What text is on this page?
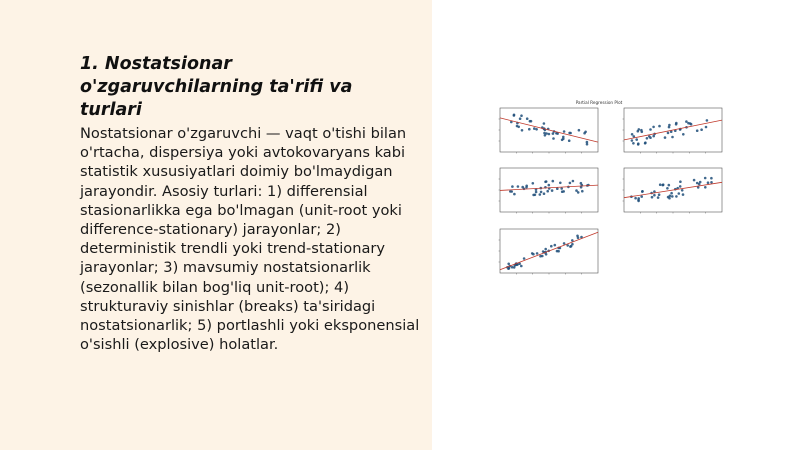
1. Nostatsionar o'zgaruvchilarning ta'rifi va turlari

Nostatsionar o'zgaruvchi — vaqt o'tishi bilan o'rtacha, dispersiya yoki avtokovaryans kabi statistik xususiyatlari doimiy bo'lmaydigan jarayondir. Asosiy turlari: 1) differensial stasionarlikka ega bo'lmagan (unit-root yoki difference-stationary) jarayonlar; 2) deterministik trendli yoki trend-stationary jarayonlar; 3) mavsumiy nostatsionarlik (sezonallik bilan bog'liq unit-root); 4) strukturaviy sinishlar (breaks) ta'siridagi nostatsionarlik; 5) portlashli yoki eksponensial o'sishli (explosive) holatlar.

Partial Regression Plot
